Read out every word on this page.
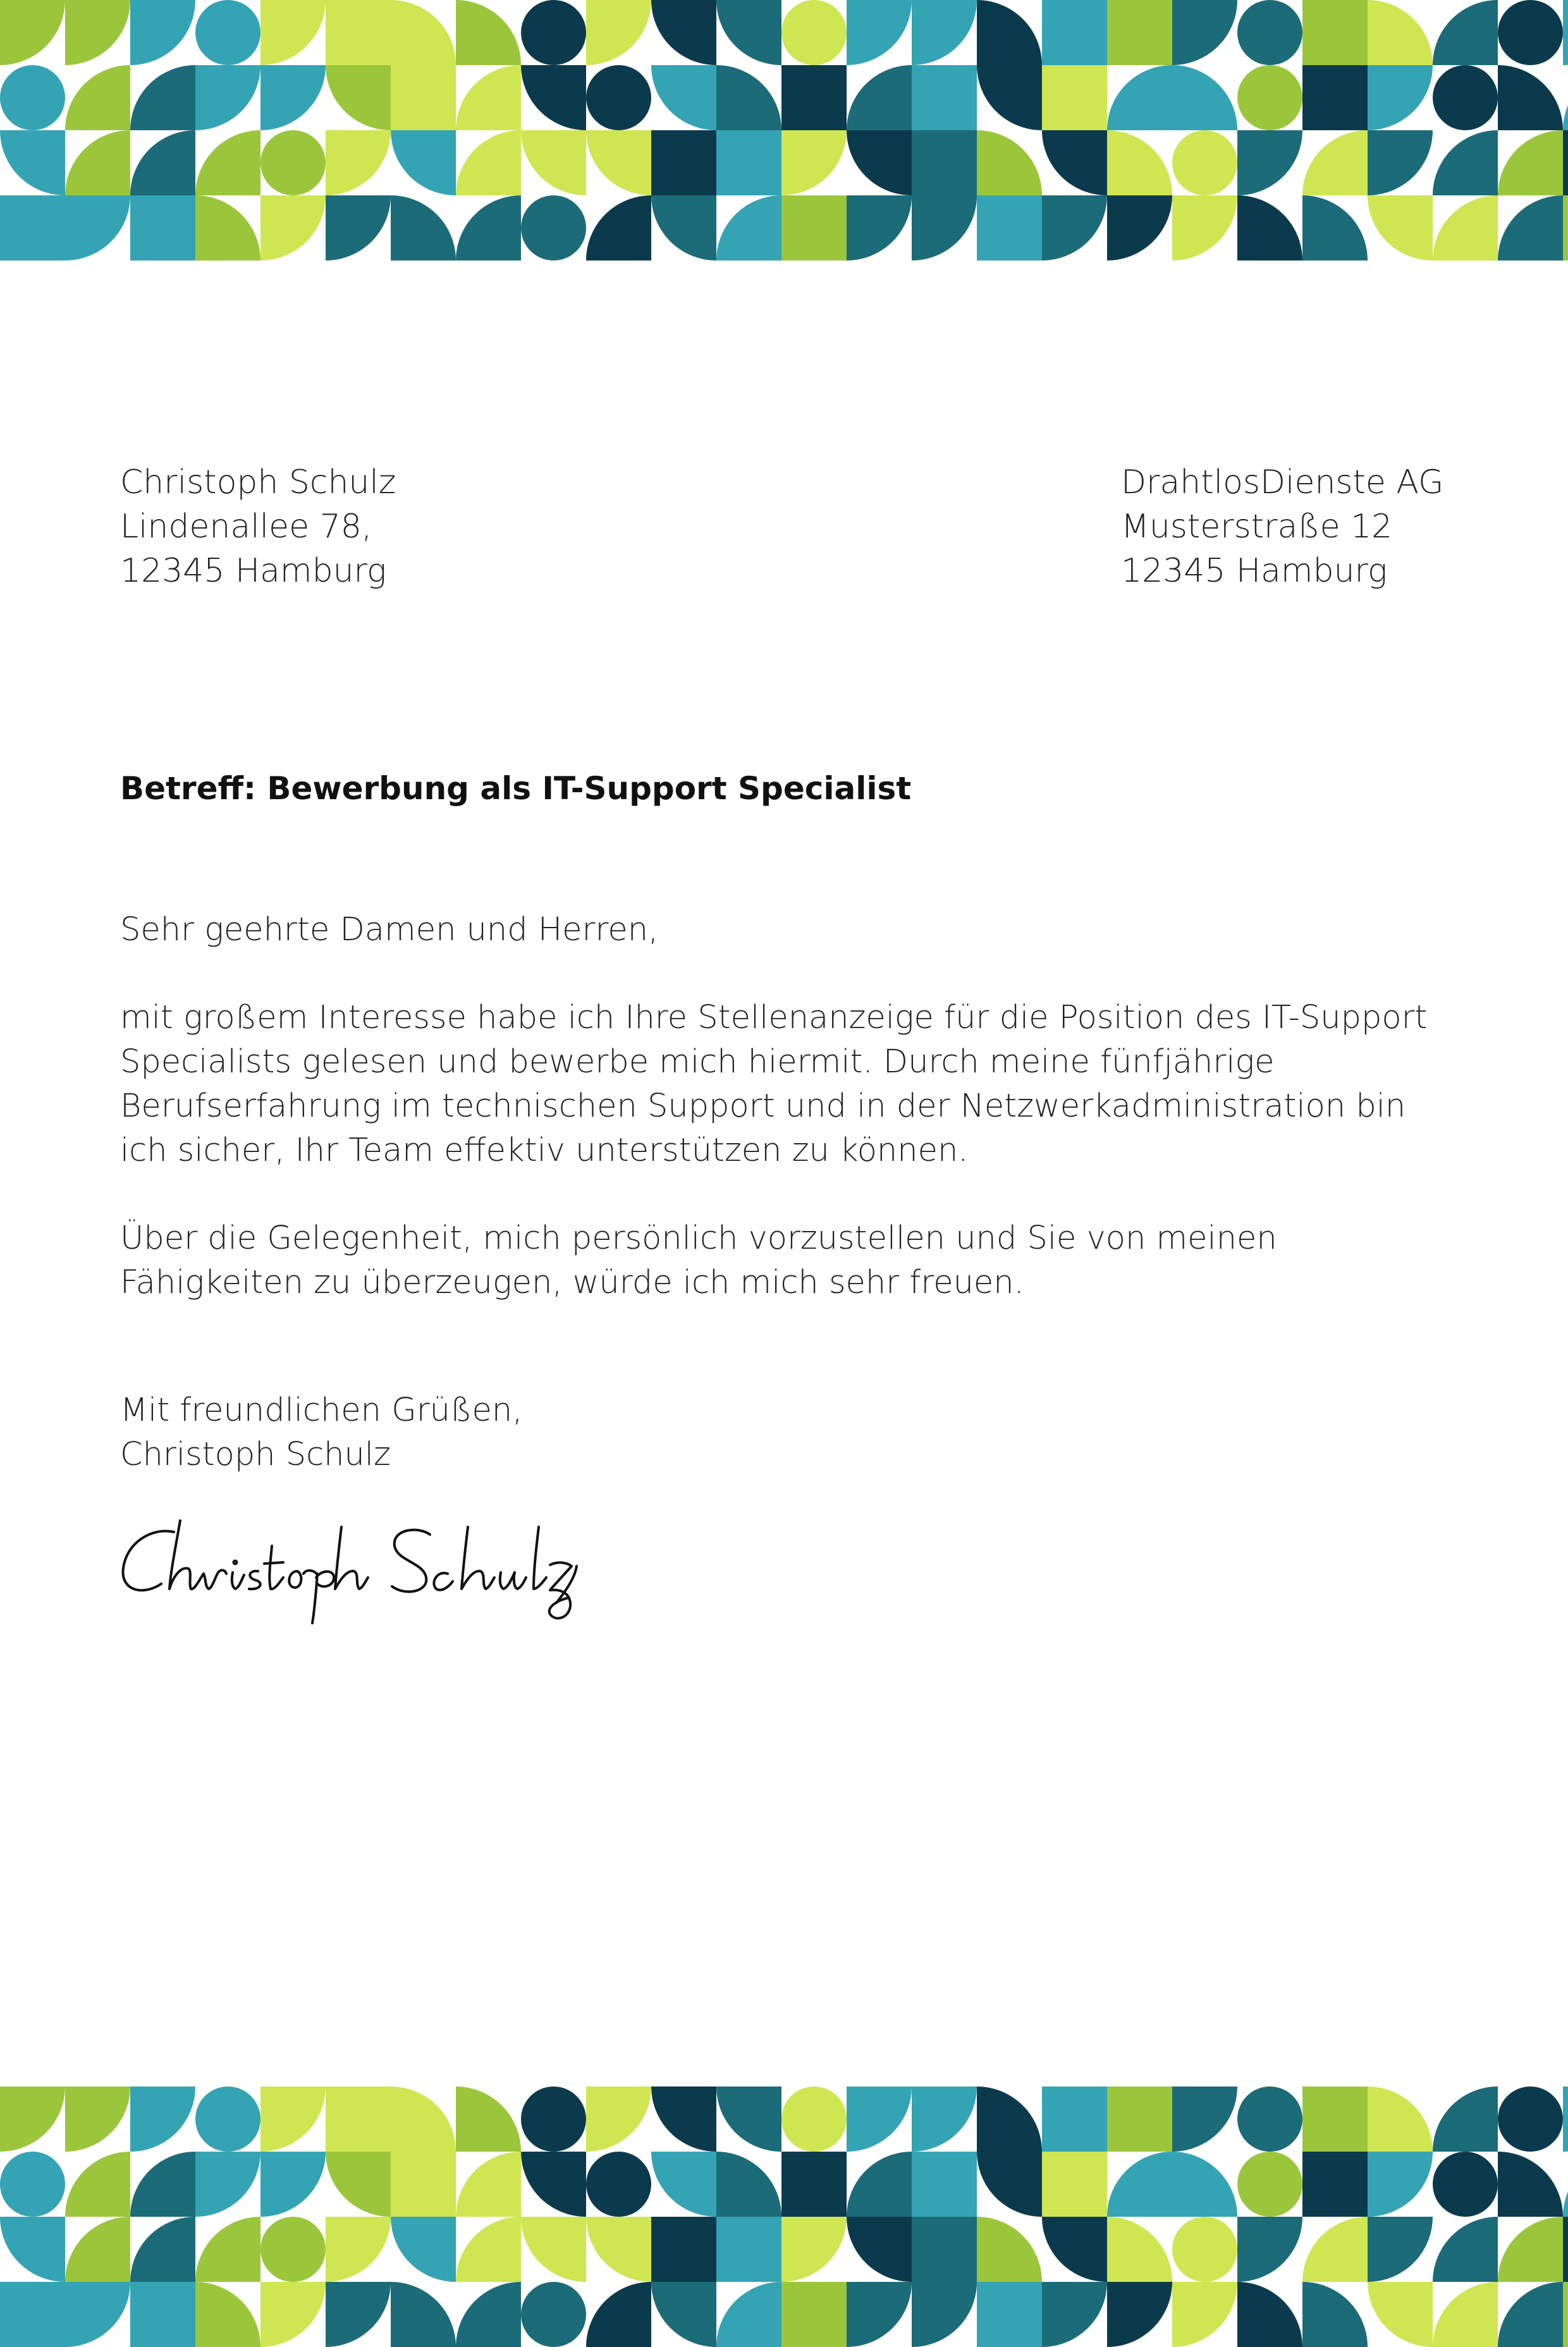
Christoph Schulz
Lindenallee 78,
12345 Hamburg
DrahtlosDienste AG
Musterstraße 12
12345 Hamburg
Betreff: Bewerbung als IT-Support Specialist

Sehr geehrte Damen und Herren,

mit großem Interesse habe ich Ihre Stellenanzeige für die Position des IT-Support Specialists gelesen und bewerbe mich hiermit. Durch meine fünfjährige Berufserfahrung im technischen Support und in der Netzwerkadministration bin ich sicher, Ihr Team effektiv unterstützen zu können.

Über die Gelegenheit, mich persönlich vorzustellen und Sie von meinen Fähigkeiten zu überzeugen, würde ich mich sehr freuen.

Mit freundlichen Grüßen,
Christoph Schulz
